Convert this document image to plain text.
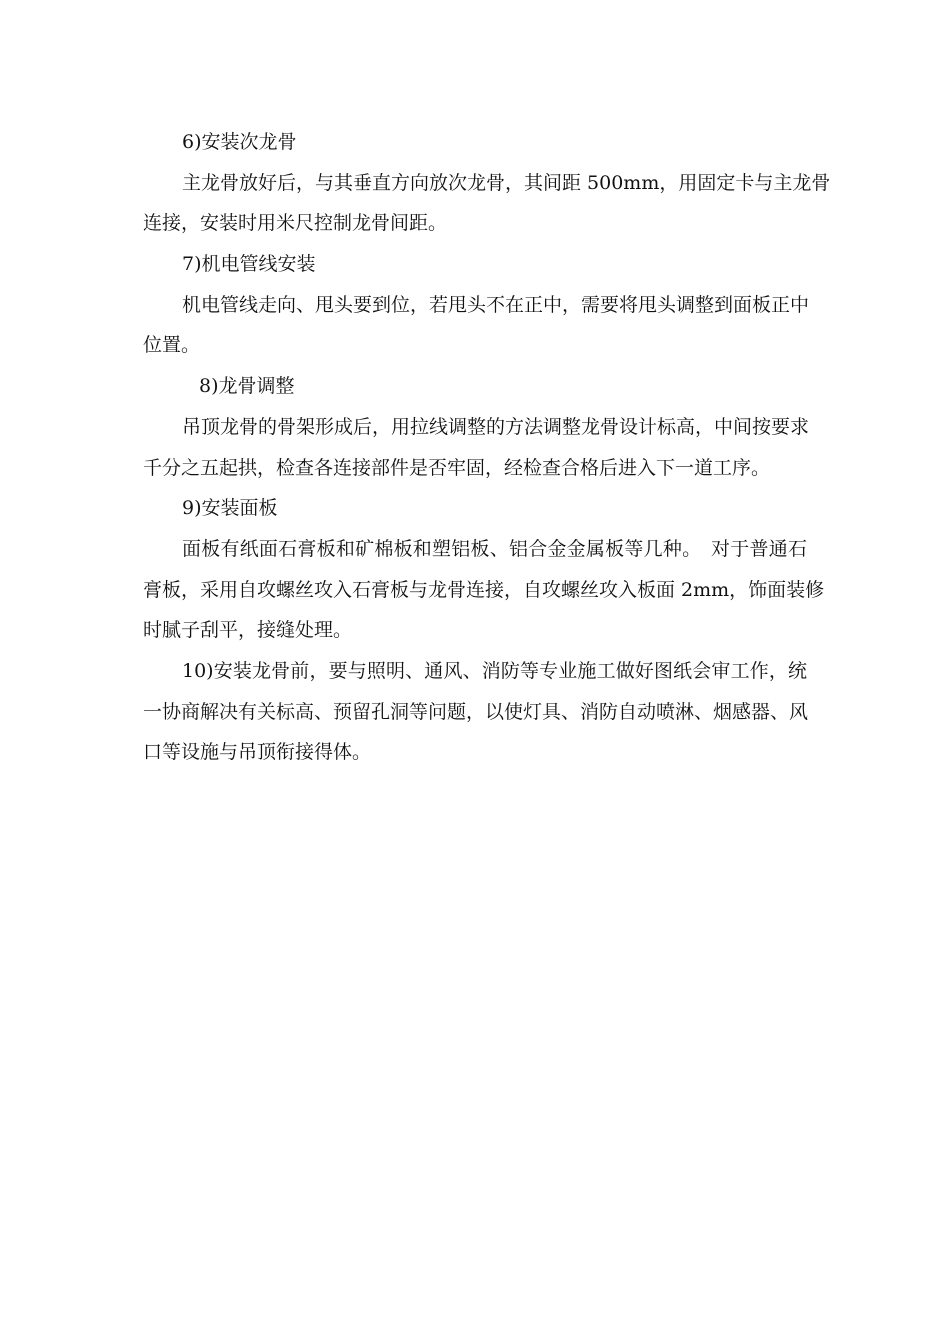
6)安装次龙骨
主龙骨放好后，与其垂直方向放次龙骨，其间距 500mm，用固定卡与主龙骨
连接，安装时用米尺控制龙骨间距。
7)机电管线安装
机电管线走向、甩头要到位，若甩头不在正中，需要将甩头调整到面板正中
位置。
8)龙骨调整
吊顶龙骨的骨架形成后，用拉线调整的方法调整龙骨设计标高，中间按要求
千分之五起拱，检查各连接部件是否牢固，经检查合格后进入下一道工序。
9)安装面板
面板有纸面石膏板和矿棉板和塑铝板、铝合金金属板等几种。　对于普通石
膏板，采用自攻螺丝攻入石膏板与龙骨连接，自攻螺丝攻入板面 2mm，饰面装修
时腻子刮平，接缝处理。
10)安装龙骨前，要与照明、通风、消防等专业施工做好图纸会审工作，统
一协商解决有关标高、预留孔洞等问题，以使灯具、消防自动喷淋、烟感器、风
口等设施与吊顶衔接得体。
